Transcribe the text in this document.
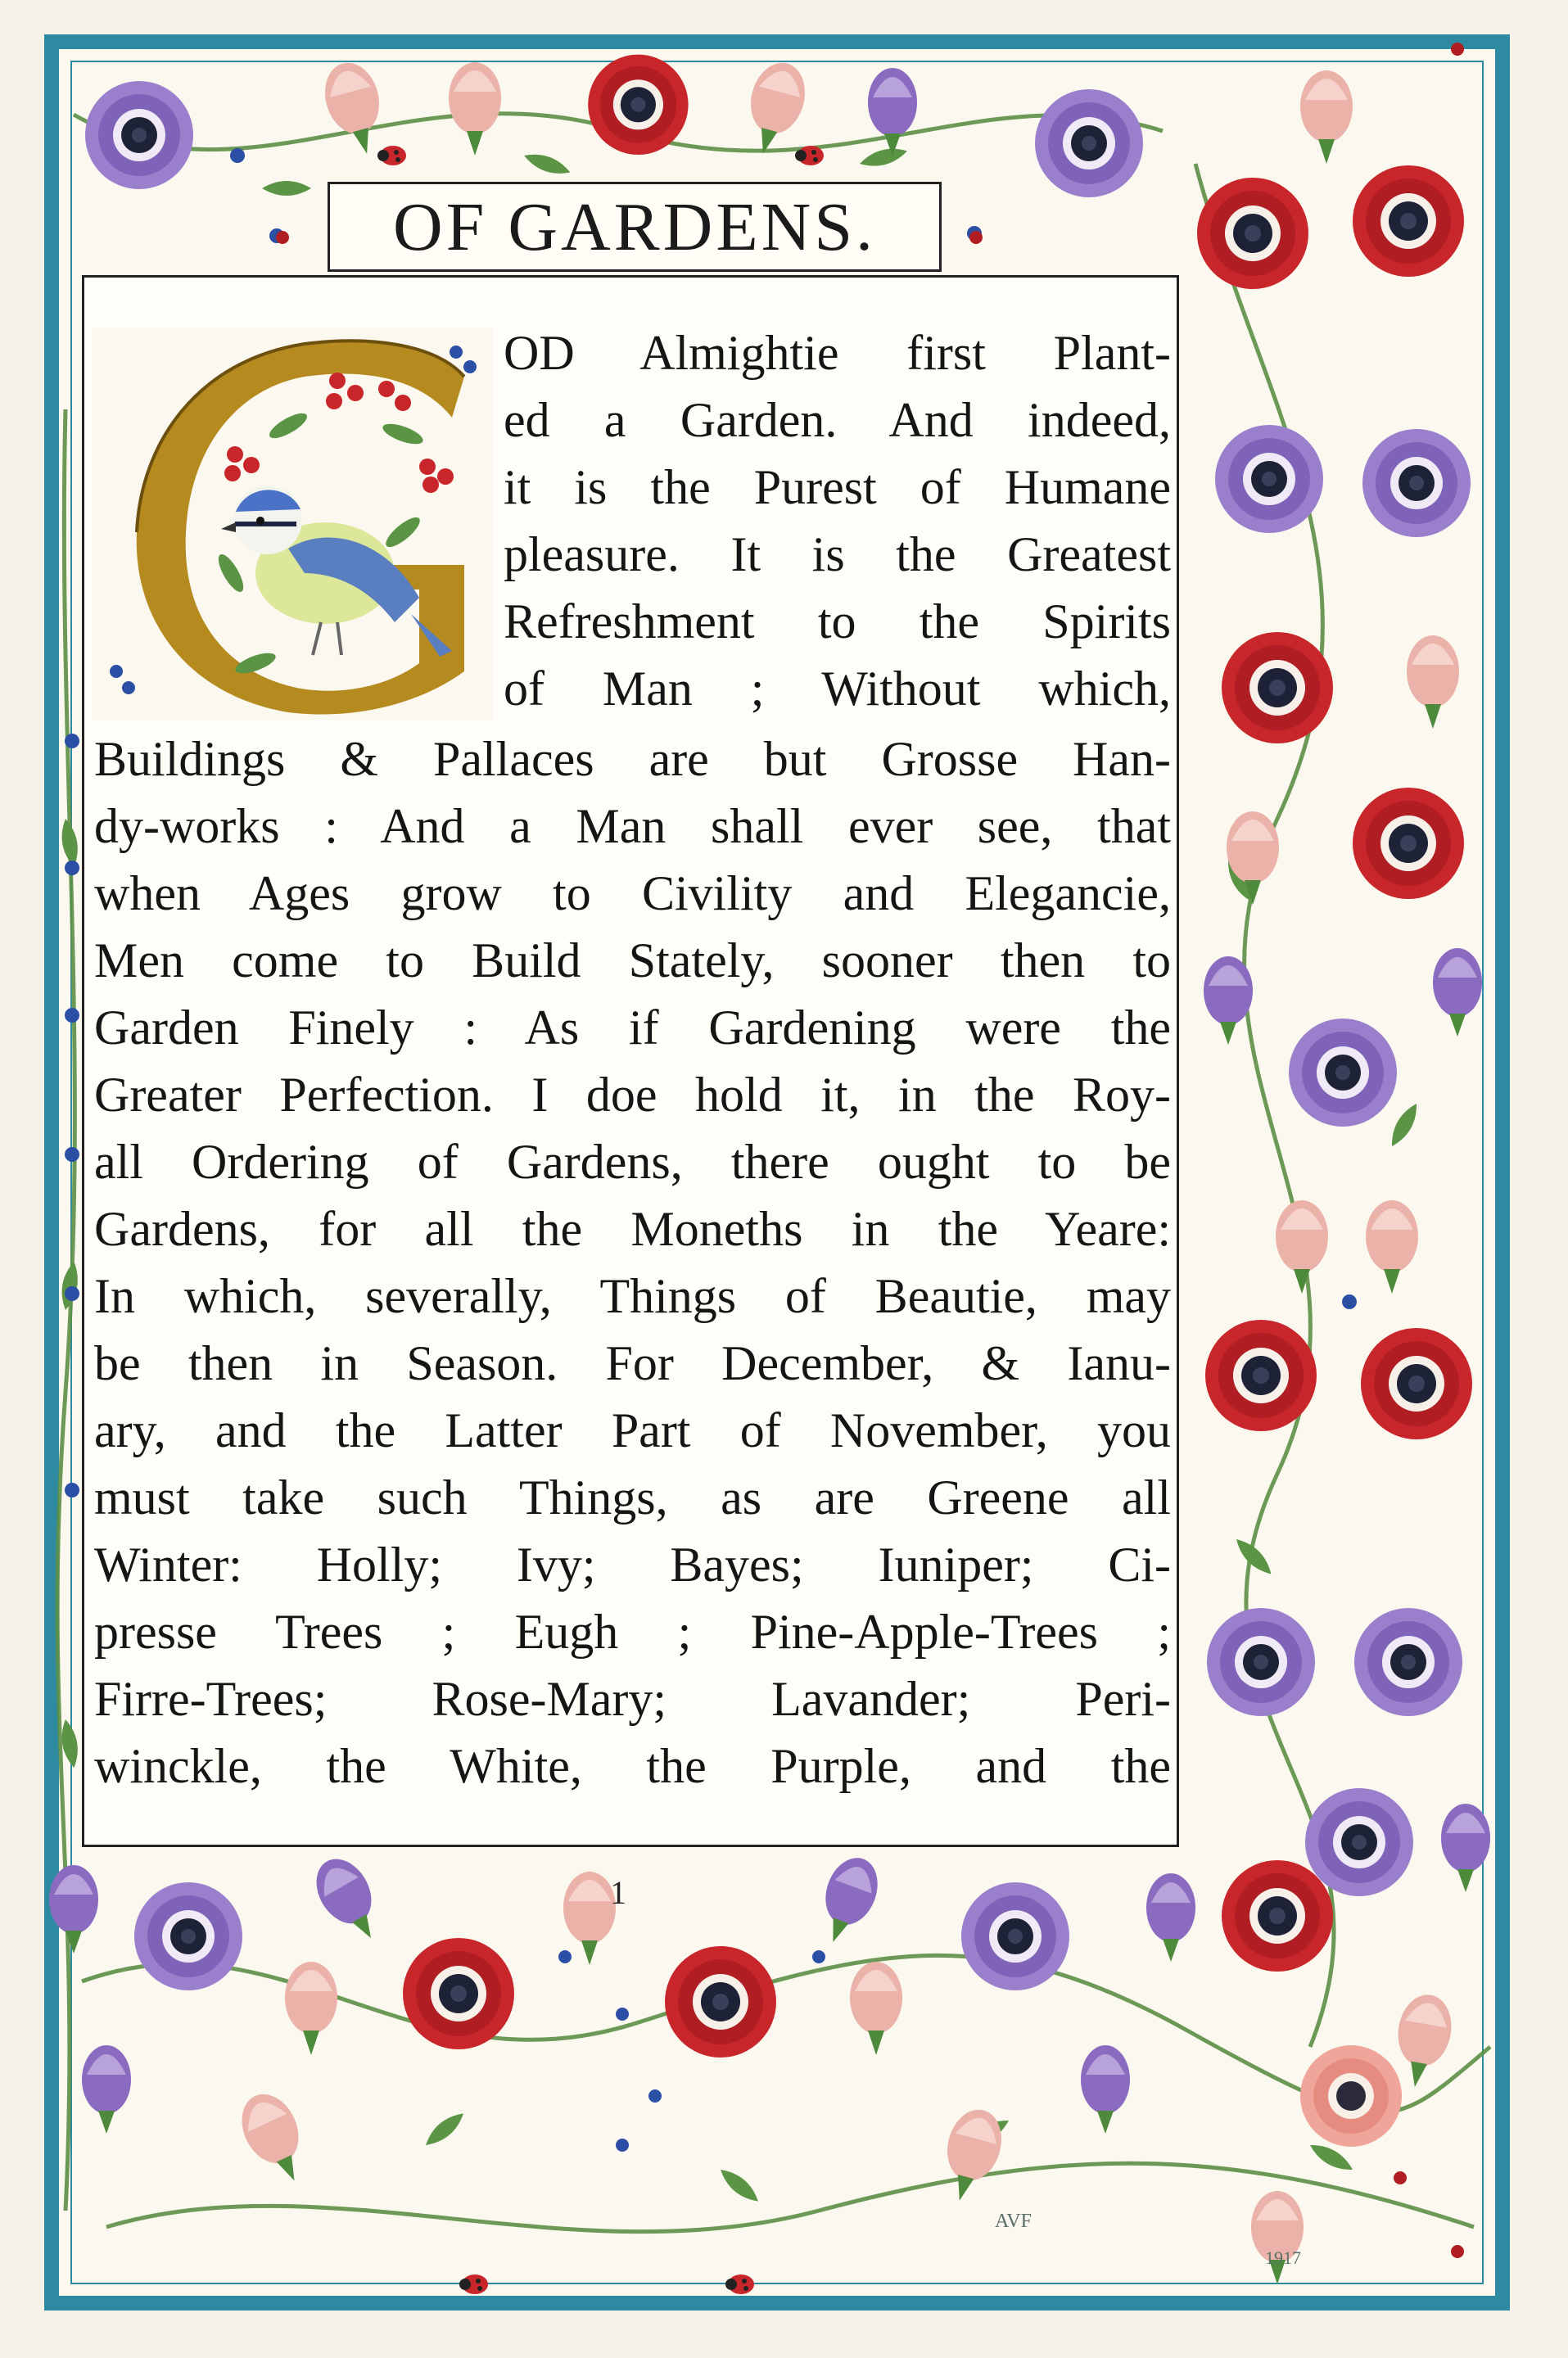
OF GARDENS.
OD Almightie first Plant-
ed a Garden. And indeed,
it is the Purest of Humane
pleasure. It is the Greatest
Refreshment to the Spirits
of Man ; Without which,
Buildings & Pallaces are but Grosse Han-
dy-works : And a Man shall ever see, that
when Ages grow to Civility and Elegancie,
Men come to Build Stately, sooner then to
Garden Finely : As if Gardening were the
Greater Perfection. I doe hold it, in the Roy-
all Ordering of Gardens, there ought to be
Gardens, for all the Moneths in the Yeare:
In which, severally, Things of Beautie, may
be then in Season. For December, & Ianu-
ary, and the Latter Part of November, you
must take such Things, as are Greene all
Winter: Holly; Ivy; Bayes; Iuniper; Ci-
presse Trees ; Eugh ; Pine-Apple-Trees ;
Firre-Trees; Rose-Mary; Lavander; Peri-
winckle, the White, the Purple, and the
1
AVF
1917
